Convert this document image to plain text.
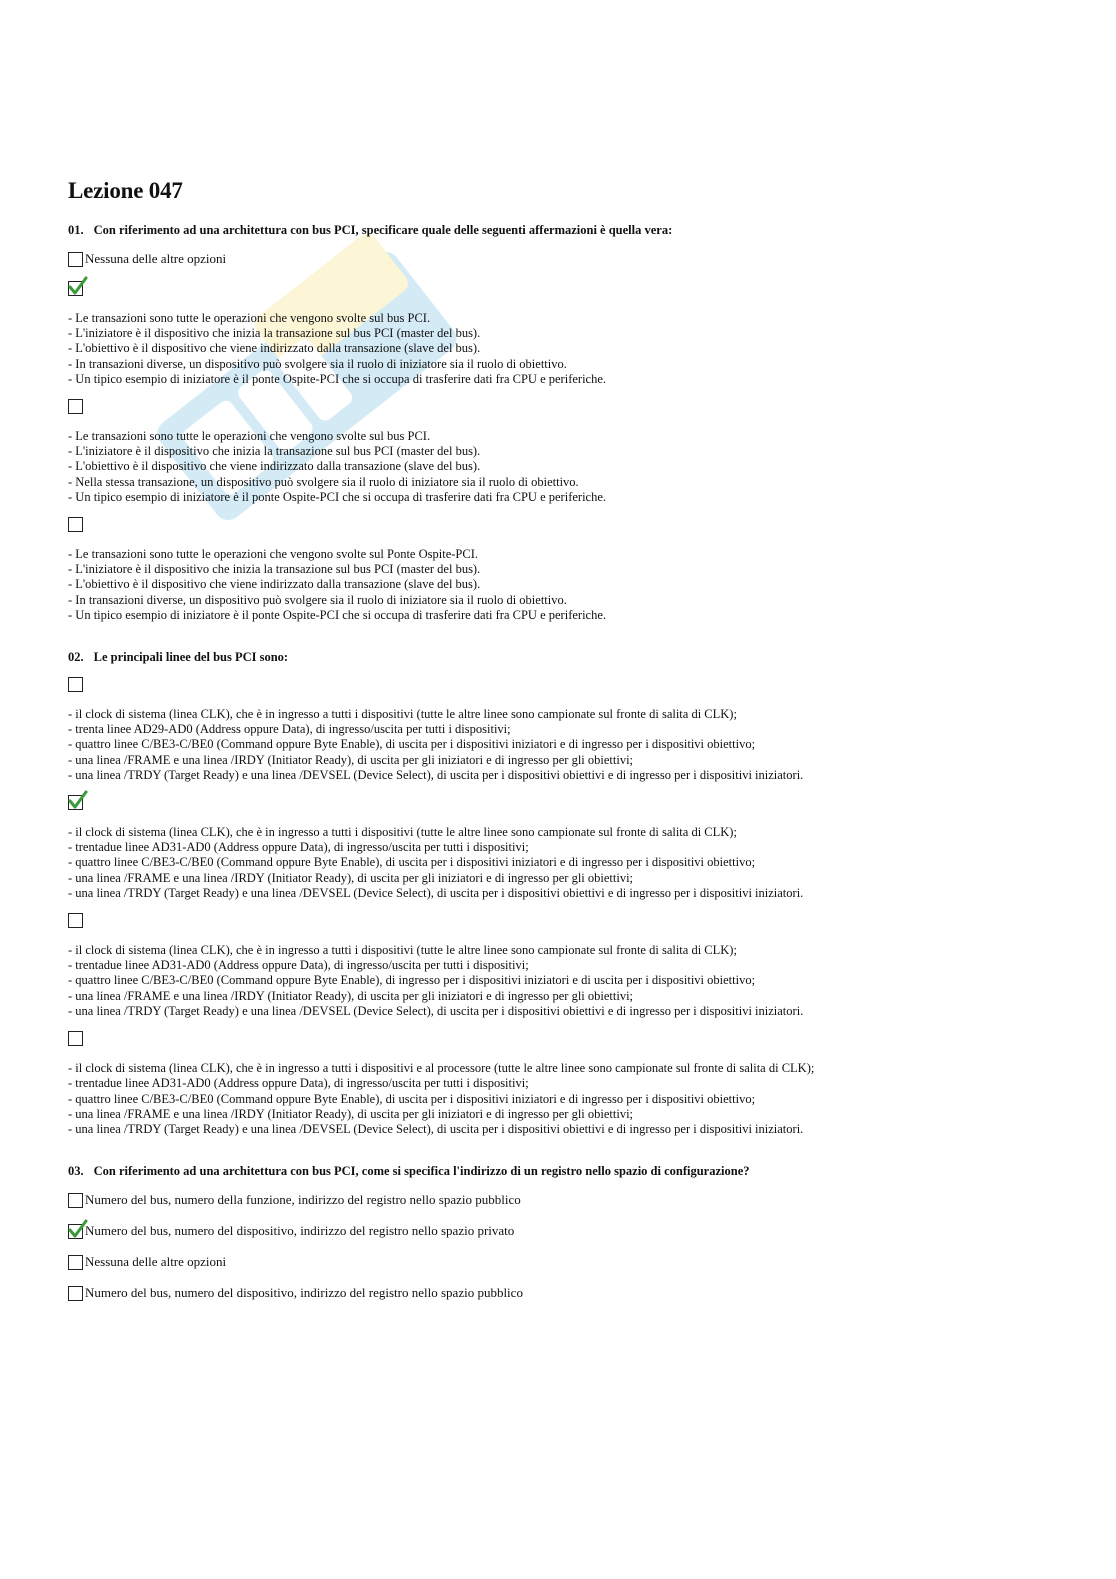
Lezione 047
01. Con riferimento ad una architettura con bus PCI, specificare quale delle seguenti affermazioni è quella vera:
Nessuna delle altre opzioni
- Le transazioni sono tutte le operazioni che vengono svolte sul bus PCI.
- L'iniziatore è il dispositivo che inizia la transazione sul bus PCI (master del bus).
- L'obiettivo è il dispositivo che viene indirizzato dalla transazione (slave del bus).
- In transazioni diverse, un dispositivo può svolgere sia il ruolo di iniziatore sia il ruolo di obiettivo.
- Un tipico esempio di iniziatore è il ponte Ospite-PCI che si occupa di trasferire dati fra CPU e periferiche.
- Le transazioni sono tutte le operazioni che vengono svolte sul bus PCI.
- L'iniziatore è il dispositivo che inizia la transazione sul bus PCI (master del bus).
- L'obiettivo è il dispositivo che viene indirizzato dalla transazione (slave del bus).
- Nella stessa transazione, un dispositivo può svolgere sia il ruolo di iniziatore sia il ruolo di obiettivo.
- Un tipico esempio di iniziatore è il ponte Ospite-PCI che si occupa di trasferire dati fra CPU e periferiche.
- Le transazioni sono tutte le operazioni che vengono svolte sul Ponte Ospite-PCI.
- L'iniziatore è il dispositivo che inizia la transazione sul bus PCI (master del bus).
- L'obiettivo è il dispositivo che viene indirizzato dalla transazione (slave del bus).
- In transazioni diverse, un dispositivo può svolgere sia il ruolo di iniziatore sia il ruolo di obiettivo.
- Un tipico esempio di iniziatore è il ponte Ospite-PCI che si occupa di trasferire dati fra CPU e periferiche.
02. Le principali linee del bus PCI sono:
- il clock di sistema (linea CLK), che è in ingresso a tutti i dispositivi (tutte le altre linee sono campionate sul fronte di salita di CLK);
- trenta linee AD29-AD0 (Address oppure Data), di ingresso/uscita per tutti i dispositivi;
- quattro linee C/BE3-C/BE0 (Command oppure Byte Enable), di uscita per i dispositivi iniziatori e di ingresso per i dispositivi obiettivo;
- una linea /FRAME e una linea /IRDY (Initiator Ready), di uscita per gli iniziatori e di ingresso per gli obiettivi;
- una linea /TRDY (Target Ready) e una linea /DEVSEL (Device Select), di uscita per i dispositivi obiettivi e di ingresso per i dispositivi iniziatori.
- il clock di sistema (linea CLK), che è in ingresso a tutti i dispositivi (tutte le altre linee sono campionate sul fronte di salita di CLK);
- trentadue linee AD31-AD0 (Address oppure Data), di ingresso/uscita per tutti i dispositivi;
- quattro linee C/BE3-C/BE0 (Command oppure Byte Enable), di uscita per i dispositivi iniziatori e di ingresso per i dispositivi obiettivo;
- una linea /FRAME e una linea /IRDY (Initiator Ready), di uscita per gli iniziatori e di ingresso per gli obiettivi;
- una linea /TRDY (Target Ready) e una linea /DEVSEL (Device Select), di uscita per i dispositivi obiettivi e di ingresso per i dispositivi iniziatori.
- il clock di sistema (linea CLK), che è in ingresso a tutti i dispositivi (tutte le altre linee sono campionate sul fronte di salita di CLK);
- trentadue linee AD31-AD0 (Address oppure Data), di ingresso/uscita per tutti i dispositivi;
- quattro linee C/BE3-C/BE0 (Command oppure Byte Enable), di ingresso per i dispositivi iniziatori e di uscita per i dispositivi obiettivo;
- una linea /FRAME e una linea /IRDY (Initiator Ready), di uscita per gli iniziatori e di ingresso per gli obiettivi;
- una linea /TRDY (Target Ready) e una linea /DEVSEL (Device Select), di uscita per i dispositivi obiettivi e di ingresso per i dispositivi iniziatori.
- il clock di sistema (linea CLK), che è in ingresso a tutti i dispositivi e al processore (tutte le altre linee sono campionate sul fronte di salita di CLK);
- trentadue linee AD31-AD0 (Address oppure Data), di ingresso/uscita per tutti i dispositivi;
- quattro linee C/BE3-C/BE0 (Command oppure Byte Enable), di uscita per i dispositivi iniziatori e di ingresso per i dispositivi obiettivo;
- una linea /FRAME e una linea /IRDY (Initiator Ready), di uscita per gli iniziatori e di ingresso per gli obiettivi;
- una linea /TRDY (Target Ready) e una linea /DEVSEL (Device Select), di uscita per i dispositivi obiettivi e di ingresso per i dispositivi iniziatori.
03. Con riferimento ad una architettura con bus PCI, come si specifica l'indirizzo di un registro nello spazio di configurazione?
Numero del bus, numero della funzione, indirizzo del registro nello spazio pubblico
Numero del bus, numero del dispositivo, indirizzo del registro nello spazio privato
Nessuna delle altre opzioni
Numero del bus, numero del dispositivo, indirizzo del registro nello spazio pubblico
